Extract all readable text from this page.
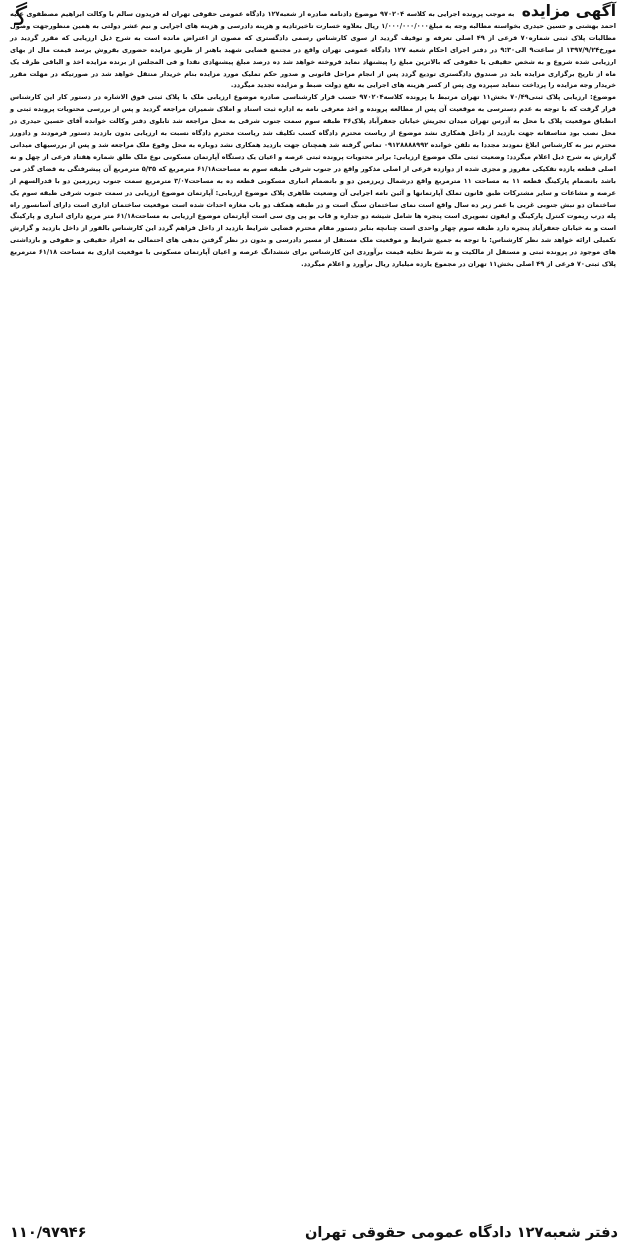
آگهی مزایده   به موجب پرونده اجرایی به کلاسه ۹۷۰۲۰۴ موضوع دادنامه صادره از شعبه۱۲۷ دادگاه عمومی حقوقی تهران له فریدون سالم با وکالت ابراهیم مصطفوی علیه احمد بهشتی و حسین حیدری بخواسته مطالبه وجه به مبلغ۱/۰۰۰/۰۰۰/۰۰۰ ریال بعلاوه خسارت تاخیرتادیه و هزینه دادرسی و هزینه های اجرایی و نیم عشر دولتی به همین منظورجهت وصول مطالبات پلاک ثبتی شماره۷۰ فرعی از ۴۹ اصلی تعرفه و توقیف گردید از سوی کارشناس رسمی دادگستری که مصون از اعتراض مانده است به شرح ذیل ارزیابی که مقرر گردید در مورخ۱۳۹۷/۹/۲۴ از ساعت۹ الی۹:۳۰ در دفتر اجرای احکام شعبه ۱۲۷ دادگاه عمومی تهران واقع در مجتمع قضایی شهید باهنر از طریق مزایده حضوری بفروش برسد قیمت مال از بهای ارزیابی شده شروع و به شخص حقیقی یا حقوقی که بالاترین مبلغ را پیشنهاد نماید فروخته خواهد شد ده درصد مبلغ پیشنهادی نقدا و فی المجلس از برنده مزایده اخذ و الباقی ظرف یک ماه از تاریخ برگزاری مزایده باید در صندوق دادگستری تودیع گردد پس از انجام مراحل قانونی و صدور حکم تملیک مورد مزایده بنام خریدار منتقل خواهد شد در صورتیکه در مهلت مقرر خریدار وجه مزایده را پرداخت ننماید سپرده وی پس از کسر هزینه های اجرایی به نفع دولت ضبط و مزایده تجدید میگردد.

موضوع: ارزیابی پلاک ثبتی۷۰/۴۹ بخش۱۱ تهران مرتبط با پرونده کلاسه۹۷۰۲۰۴ حسب قرار کارشناسی صادره موضوع ارزیابی ملک با پلاک ثبتی فوق الاشاره در دستور کار این کارشناس قرار گرفت که با توجه به عدم دسترسی به موقعیت آن پس از مطالعه پرونده و اخذ معرفی نامه به اداره ثبت اسناد و املاک شمیران مراجعه گردید و پس از بررسی محتویات پرونده ثبتی و انطباق موقعیت پلاک با محل به آدرس تهران میدان تجریش خیابان جعفرآباد پلاک۳۶ طبقه سوم سمت جنوب شرقی به محل مراجعه شد تابلوی دفتر وکالت خوانده آقای حسین حیدری در محل نصب بود متاسفانه جهت بازدید از داخل همکاری نشد موضوع از ریاست محترم دادگاه کسب تکلیف شد ریاست محترم دادگاه نسبت به ارزیابی بدون بازدید دستور فرمودند و دادورز محترم نیز به کارشناس ابلاغ نمودند مجددا به تلفن خوانده ۰۹۱۲۸۸۸۸۹۹۲ تماس گرفته شد همچنان جهت بازدید همکاری نشد دوباره به محل وقوع ملک مراجعه شد و پس از بررسیهای میدانی گزارش به شرح ذیل اعلام میگردد: وضعیت ثبتی ملک موضوع ارزیابی: برابر محتویات پرونده ثبتی عرصه و اعیان یک دستگاه آپارتمان مسکونی نوع ملک طلق شماره هفتاد فرعی از چهل و نه اصلی قطعه یازده تفکیکی مفروز و مجزی شده از دوازده فرعی از اصلی مذکور واقع در جنوب شرقی طبقه سوم به مساحت۶۱/۱۸ مترمربع که ۵/۳۵ مترمربع آن پیشرفتگی به فضای گذر می باشد بانضمام پارکینگ قطعه ۱۱ به مساحت ۱۱ مترمربع واقع درشمال زیرزمین دو و بانضمام انباری مسکونی قطعه ده به مساحت۳/۰۷ مترمربع سمت جنوب زیرزمین دو با قدرالسهم از عرصه و مشاعات و سایر مشترکات طبق قانون تملک آپارتمانها و آئین نامه اجرایی آن وضعیت ظاهری پلاک موضوع ارزیابی: آپارتمان موضوع ارزیابی در سمت جنوب شرقی طبقه سوم یک ساختمان دو نبش جنوبی غربی با عمر زیر ده سال واقع است نمای ساختمان سنگ است و در طبقه همکف دو باب مغازه احداث شده است موقعیت ساختمان اداری است دارای آسانسور راه پله درب ریموت کنترل پارکینگ و ایفون تصویری است پنجره ها شامل شیشه دو جداره و قاب یو پی وی سی است آپارتمان موضوع ارزیابی به مساحت۶۱/۱۸ متر مربع دارای انباری و پارکینگ است و به خیابان جعفرآباد پنجره دارد طبقه سوم چهار واحدی است چنانچه بنابر دستور مقام محترم قضایی شرایط بازدید از داخل فراهم گردد این کارشناس بالفور از داخل بازدید و گزارش تکمیلی ارائه خواهد شد نظر کارشناس: با توجه به جمیع شرایط و موقعیت ملک مستقل از مسیر دادرسی و بدون در نظر گرفتن بدهی های احتمالی به افراد حقیقی و حقوقی و بازداشتی های موجود در پرونده ثبتی و مستقل از مالکیت و به شرط تخلیه قیمت برآوردی این کارشناس برای ششدانگ عرصه و اعیان آپارتمان مسکونی با موقعیت اداری به مساحت ۶۱/۱۸ مترمربع پلاک ثبتی۷۰ فرعی از ۴۹ اصلی بخش۱۱ تهران در مجموع یازده میلیارد ریال برآورد و اعلام میگردد.

ﮔ
دفتر شعبه۱۲۷ دادگاه عمومی حقوقی تهران
۱۱۰/۹۷۹۴۶
